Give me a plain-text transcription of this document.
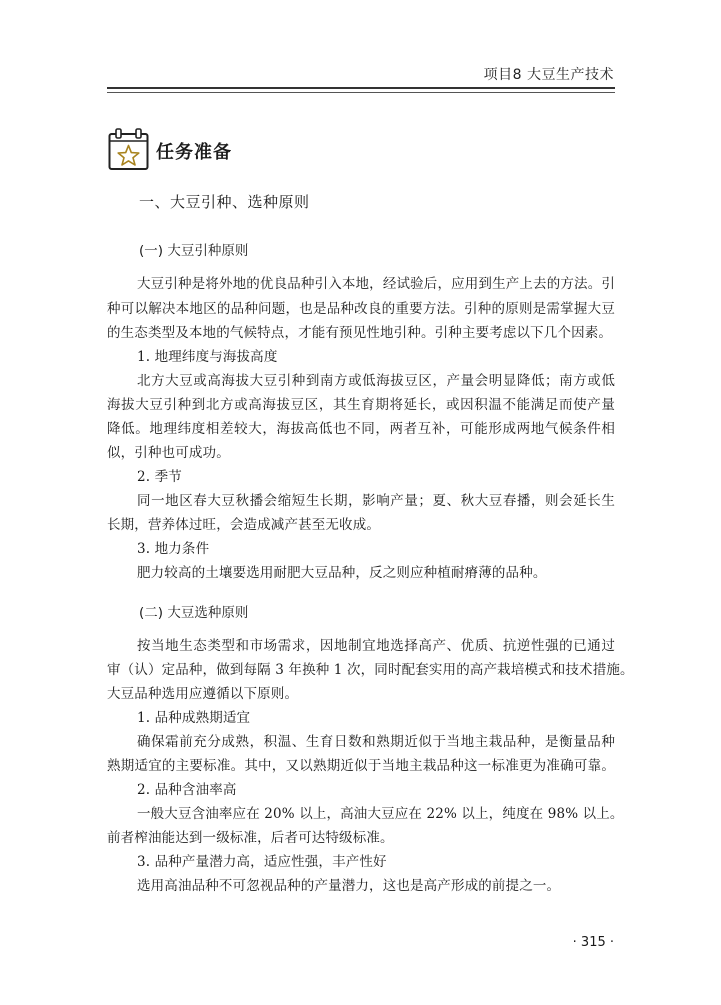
项目8 大豆生产技术
任务准备
一、大豆引种、选种原则
(一) 大豆引种原则
大豆引种是将外地的优良品种引入本地，经试验后，应用到生产上去的方法。引
种可以解决本地区的品种问题，也是品种改良的重要方法。引种的原则是需掌握大豆
的生态类型及本地的气候特点，才能有预见性地引种。引种主要考虑以下几个因素。
1. 地理纬度与海拔高度
北方大豆或高海拔大豆引种到南方或低海拔豆区，产量会明显降低；南方或低
海拔大豆引种到北方或高海拔豆区，其生育期将延长，或因积温不能满足而使产量
降低。地理纬度相差较大，海拔高低也不同，两者互补，可能形成两地气候条件相
似，引种也可成功。
2. 季节
同一地区春大豆秋播会缩短生长期，影响产量；夏、秋大豆春播，则会延长生
长期，营养体过旺，会造成减产甚至无收成。
3. 地力条件
肥力较高的土壤要选用耐肥大豆品种，反之则应种植耐瘠薄的品种。
(二) 大豆选种原则
按当地生态类型和市场需求，因地制宜地选择高产、优质、抗逆性强的已通过
审（认）定品种，做到每隔 3 年换种 1 次，同时配套实用的高产栽培模式和技术措施。
大豆品种选用应遵循以下原则。
1. 品种成熟期适宜
确保霜前充分成熟，积温、生育日数和熟期近似于当地主栽品种，是衡量品种
熟期适宜的主要标准。其中，又以熟期近似于当地主栽品种这一标准更为准确可靠。
2. 品种含油率高
一般大豆含油率应在 20% 以上，高油大豆应在 22% 以上，纯度在 98% 以上。
前者榨油能达到一级标准，后者可达特级标准。
3. 品种产量潜力高，适应性强，丰产性好
选用高油品种不可忽视品种的产量潜力，这也是高产形成的前提之一。
· 315 ·
